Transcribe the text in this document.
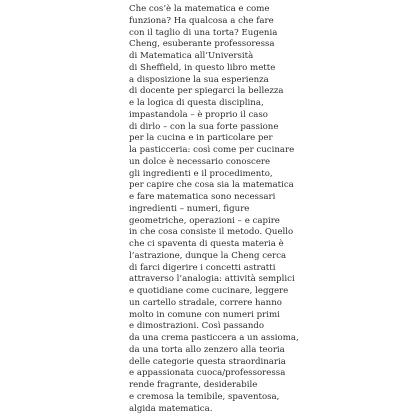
Che cos’è la matematica e come
funziona? Ha qualcosa a che fare
con il taglio di una torta? Eugenia
Cheng, esuberante professoressa
di Matematica all’Università
di Sheffield, in questo libro mette
a disposizione la sua esperienza
di docente per spiegarci la bellezza
e la logica di questa disciplina,
impastandola – è proprio il caso
di dirlo – con la sua forte passione
per la cucina e in particolare per
la pasticceria: così come per cucinare
un dolce è necessario conoscere
gli ingredienti e il procedimento,
per capire che cosa sia la matematica
e fare matematica sono necessari
ingredienti – numeri, figure
geometriche, operazioni – e capire
in che cosa consiste il metodo. Quello
che ci spaventa di questa materia è
l’astrazione, dunque la Cheng cerca
di farci digerire i concetti astratti
attraverso l’analogia: attività semplici
e quotidiane come cucinare, leggere
un cartello stradale, correre hanno
molto in comune con numeri primi
e dimostrazioni. Così passando
da una crema pasticcera a un assioma,
da una torta allo zenzero alla teoria
delle categorie questa straordinaria
e appassionata cuoca/professoressa
rende fragrante, desiderabile
e cremosa la temibile, spaventosa,
algida matematica.
